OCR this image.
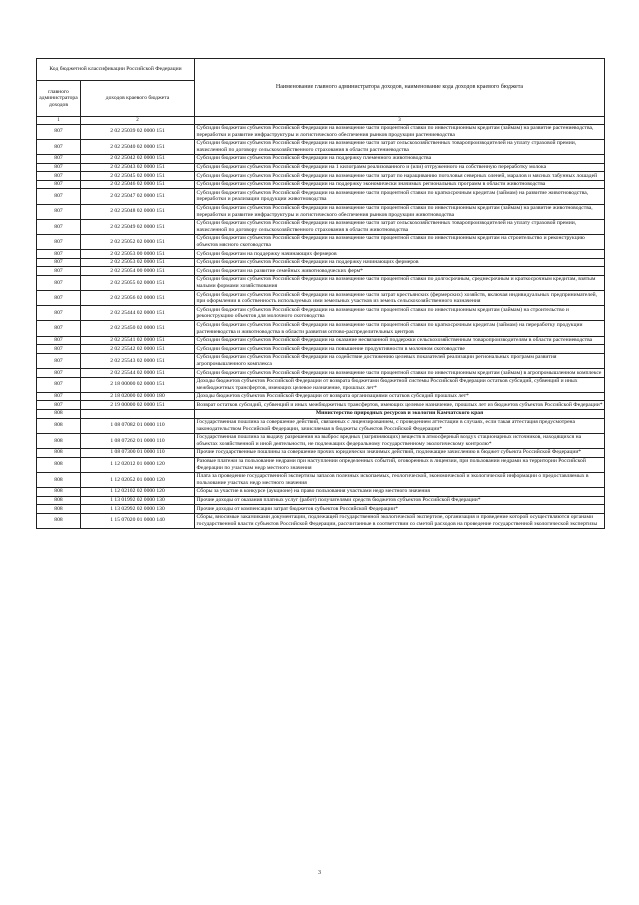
Код бюджетной классификации Российской Федерации		Наименование главного администратора доходов, наименование кода доходов краевого бюджета
главного администратора доходов	доходов краевого бюджета	
1	2	3
807	2 02 25039 02 0000 151	Субсидии бюджетам субъектов Российской Федерации на возмещение части процентной ставки по инвестиционным кредитам (займам) на развитие растениеводства, переработки и развитие инфраструктуры и логистического обеспечения рынков продукции растениеводства
807	2 02 25040 02 0000 151	Субсидии бюджетам субъектов Российской Федерации на возмещение части затрат сельскохозяйственных товаропроизводителей на уплату страховой премии, начисленной по договору сельскохозяйственного страхования в области растениеводства
807	2 02 25042 02 0000 151	Субсидии бюджетам субъектов Российской Федерации на поддержку племенного животноводства
807	2 02 25043 02 0000 151	Субсидии бюджетам субъектов Российской Федерации на 1 килограмм реализованного и (или) отгруженного на собственную переработку молока
807	2 02 25045 02 0000 151	Субсидии бюджетам субъектов Российской Федерации на возмещение части затрат по наращиванию поголовья северных оленей, маралов и мясных табунных лошадей
807	2 02 25046 02 0000 151	Субсидии бюджетам субъектов Российской Федерации на поддержку экономически значимых региональных программ в области животноводства
807	2 02 25047 02 0000 151	Субсидии бюджетам субъектов Российской Федерации на возмещение части процентной ставки по краткосрочным кредитам (займам) на развитие животноводства, переработки и реализации продукции животноводства
807	2 02 25048 02 0000 151	Субсидии бюджетам субъектов Российской Федерации на возмещение части процентной ставки по инвестиционным кредитам (займам) на развитие животноводства, переработки и развитие инфраструктуры и логистического обеспечения рынков продукции животноводства
807	2 02 25049 02 0000 151	Субсидии бюджетам субъектов Российской Федерации на возмещение части затрат сельскохозяйственных товаропроизводителей на уплату страховой премии, начисленной по договору сельскохозяйственного страхования в области животноводства
807	2 02 25052 02 0000 151	Субсидии бюджетам субъектов Российской Федерации на возмещение части процентной ставки по инвестиционным кредитам на строительство и реконструкцию объектов мясного скотоводства
807	2 02 25053 00 0000 151	Субсидии бюджетам на поддержку начинающих фермеров
807	2 02 25053 02 0000 151	Субсидии бюджетам субъектов Российской Федерации на поддержку начинающих фермеров
807	2 02 25054 00 0000 151	Субсидии бюджетам на развитие семейных животноводческих ферм*
807	2 02 25055 02 0000 151	Субсидии бюджетам субъектов Российской Федерации на возмещение части процентной ставки по долгосрочным, среднесрочным и краткосрочным кредитам, взятым малыми формами хозяйствования
807	2 02 25056 02 0000 151	Субсидии бюджетам субъектов Российской Федерации на возмещение части затрат крестьянских (фермерских) хозяйств, включая индивидуальных предпринимателей, при оформлении в собственность используемых ими земельных участков из земель сельскохозяйственного назначения
807	2 02 25444 02 0000 151	Субсидии бюджетам субъектов Российской Федерации на возмещение части процентной ставки по инвестиционным кредитам (займам) на строительство и реконструкцию объектов для молочного скотоводства
807	2 02 25450 02 0000 151	Субсидии бюджетам субъектов Российской Федерации на возмещение части процентной ставки по краткосрочным кредитам (займам) на переработку продукции растениеводства и животноводства в области развития оптово-распределительных центров
807	2 02 25541 02 0000 151	Субсидии бюджетам субъектов Российской Федерации на оказание несвязанной поддержки сельскохозяйственным товаропроизводителям в области растениеводства
807	2 02 25542 02 0000 151	Субсидии бюджетам субъектов Российской Федерации на повышение продуктивности в молочном скотоводстве
807	2 02 25543 02 0000 151	Субсидии бюджетам субъектов Российской Федерации на содействие достижению целевых показателей реализации региональных программ развития агропромышленного комплекса
807	2 02 25544 02 0000 151	Субсидии бюджетам субъектов Российской Федерации на возмещение части процентной ставки по инвестиционным кредитам (займам) в агропромышленном комплексе
807	2 18 00000 02 0000 151	Доходы бюджетов субъектов Российской Федерации от возврата бюджетами бюджетной системы Российской Федерации остатков субсидий, субвенций и иных межбюджетных трансфертов, имеющих целевое назначение, прошлых лет*
807	2 18 02000 02 0000 180	Доходы бюджетов субъектов Российской Федерации от возврата организациями остатков субсидий прошлых лет*
807	2 19 00000 02 0000 151	Возврат остатков субсидий, субвенций и иных межбюджетных трансфертов, имеющих целевое назначение, прошлых лет из бюджетов субъектов Российской Федерации*
808		Министерство природных ресурсов и экологии Камчатского края
808	1 08 07082 01 0000 110	Государственная пошлина за совершение действий, связанных с лицензированием, с проведением аттестации в случаях, если такая аттестация предусмотрена законодательством Российской Федерации, зачисляемая в бюджеты субъектов Российской Федерации*
808	1 08 07262 01 0000 110	Государственная пошлина за выдачу разрешения на выброс вредных (загрязняющих) веществ в атмосферный воздух стационарных источников, находящихся на объектах хозяйственной и иной деятельности, не подлежащих федеральному государственному экологическому контролю*
808	1 08 07300 01 0000 110	Прочие государственные пошлины за совершение прочих юридически значимых действий, подлежащие зачислению в бюджет субъекта Российской Федерации*
808	1 12 02012 01 0000 120	Разовые платежи за пользование недрами при наступлении определенных событий, оговоренных в лицензии, при пользовании недрами на территории Российской Федерации по участкам недр местного значения
808	1 12 02052 01 0000 120	Плата за проведение государственной экспертизы запасов полезных ископаемых, геологической, экономической и экологической информации о предоставляемых в пользование участках недр местного значения
808	1 12 02102 02 0000 120	Сборы за участие в конкурсе (аукционе) на право пользования участками недр местного значения
808	1 13 01992 02 0000 130	Прочие доходы от оказания платных услуг (работ) получателями средств бюджетов субъектов Российской Федерации*
808	1 13 02992 02 0000 130	Прочие доходы от компенсации затрат бюджетов субъектов Российской Федерации*
808	1 15 07020 01 0000 140	Сборы, вносимые заказчиками документации, подлежащей государственной экологической экспертизе, организация и проведение которой осуществляются органами государственной власти субъектов Российской Федерации, рассчитанные в соответствии со сметой расходов на проведение государственной экологической экспертизы
3
